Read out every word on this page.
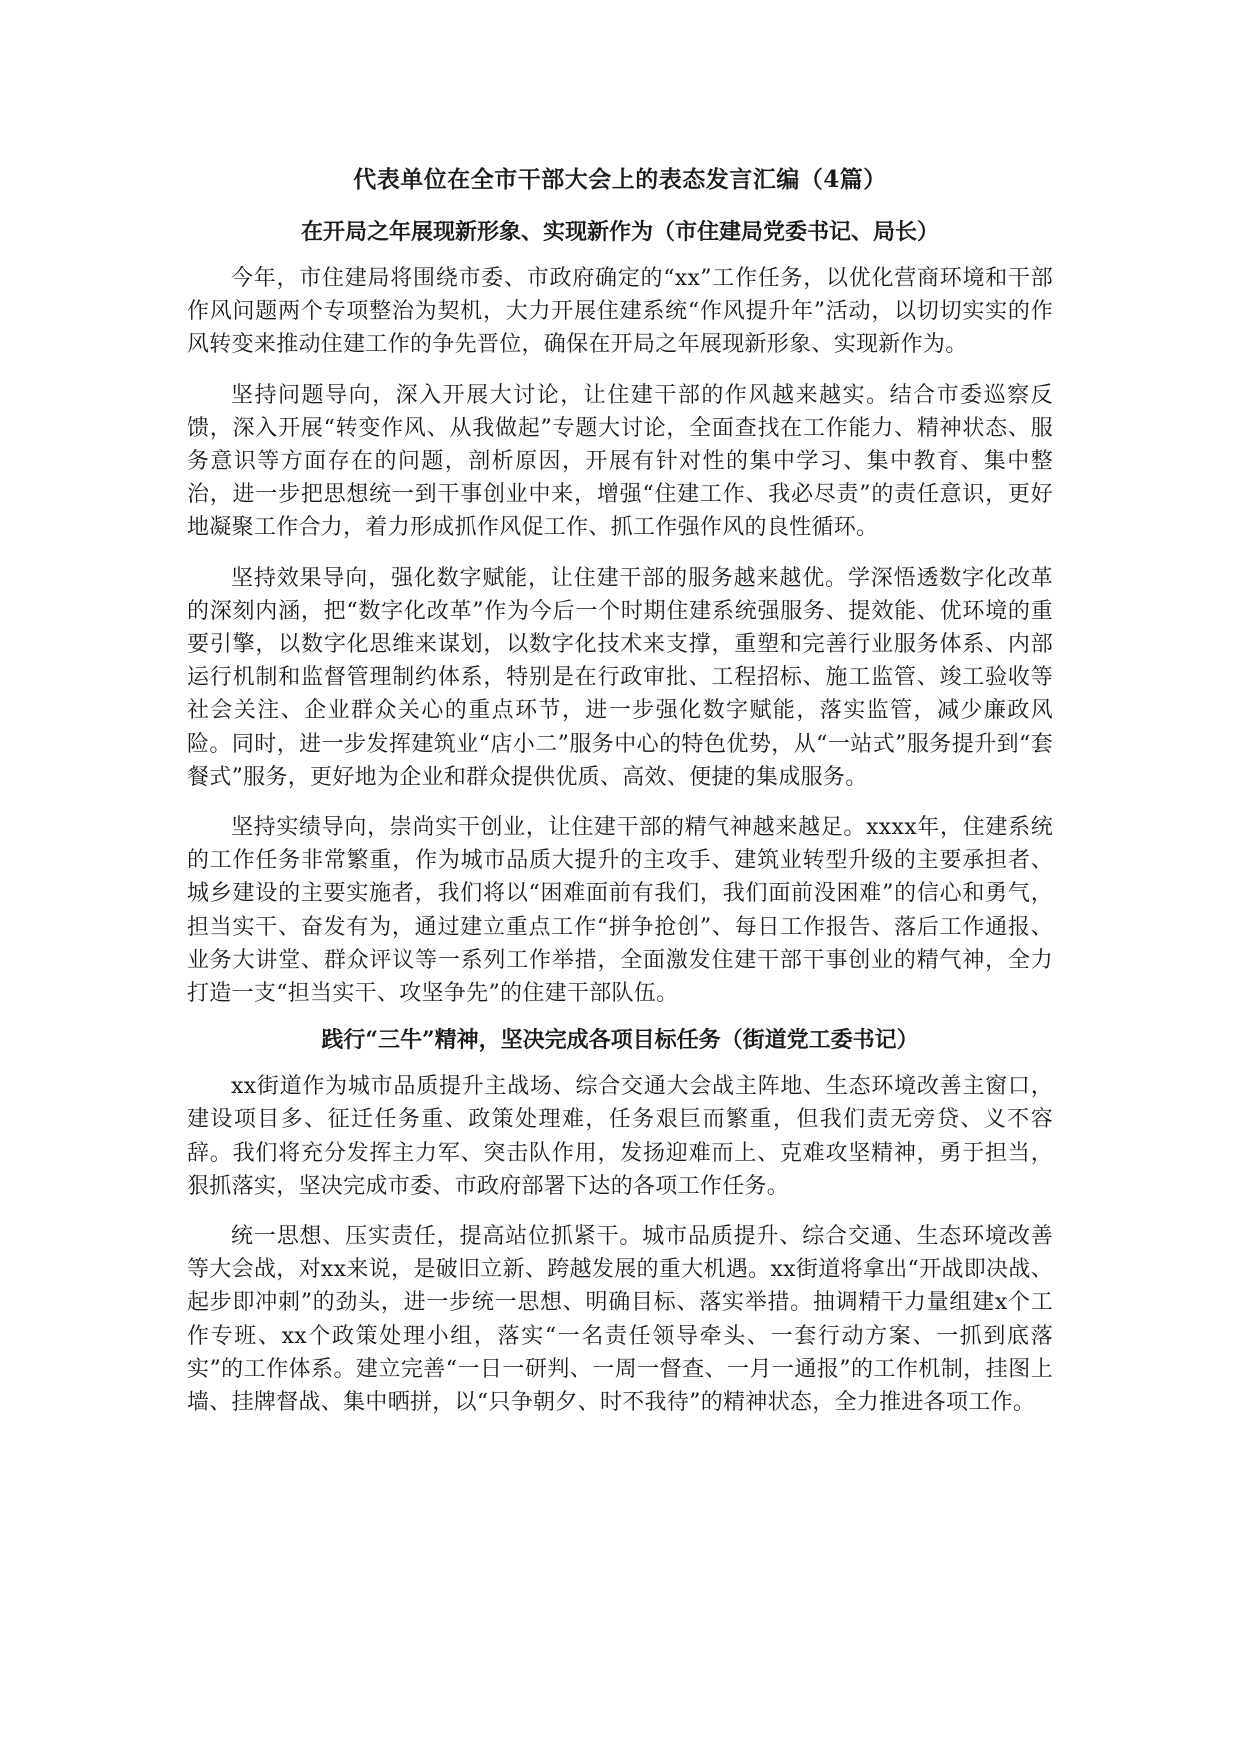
代表单位在全市干部大会上的表态发言汇编（4篇）
在开局之年展现新形象、实现新作为（市住建局党委书记、局长）

今年，市住建局将围绕市委、市政府确定的“xx”工作任务，以优化营商环境和干部作风问题两个专项整治为契机，大力开展住建系统“作风提升年”活动，以切切实实的作风转变来推动住建工作的争先晋位，确保在开局之年展现新形象、实现新作为。

坚持问题导向，深入开展大讨论，让住建干部的作风越来越实。结合市委巡察反馈，深入开展“转变作风、从我做起”专题大讨论，全面查找在工作能力、精神状态、服务意识等方面存在的问题，剖析原因，开展有针对性的集中学习、集中教育、集中整治，进一步把思想统一到干事创业中来，增强“住建工作、我必尽责”的责任意识，更好地凝聚工作合力，着力形成抓作风促工作、抓工作强作风的良性循环。

坚持效果导向，强化数字赋能，让住建干部的服务越来越优。学深悟透数字化改革的深刻内涵，把“数字化改革”作为今后一个时期住建系统强服务、提效能、优环境的重要引擎，以数字化思维来谋划，以数字化技术来支撑，重塑和完善行业服务体系、内部运行机制和监督管理制约体系，特别是在行政审批、工程招标、施工监管、竣工验收等社会关注、企业群众关心的重点环节，进一步强化数字赋能，落实监管，减少廉政风险。同时，进一步发挥建筑业“店小二”服务中心的特色优势，从“一站式”服务提升到“套餐式”服务，更好地为企业和群众提供优质、高效、便捷的集成服务。

坚持实绩导向，崇尚实干创业，让住建干部的精气神越来越足。xxxx年，住建系统的工作任务非常繁重，作为城市品质大提升的主攻手、建筑业转型升级的主要承担者、城乡建设的主要实施者，我们将以“困难面前有我们，我们面前没困难”的信心和勇气，担当实干、奋发有为，通过建立重点工作“拼争抢创”、每日工作报告、落后工作通报、业务大讲堂、群众评议等一系列工作举措，全面激发住建干部干事创业的精气神，全力打造一支“担当实干、攻坚争先”的住建干部队伍。

践行“三牛”精神，坚决完成各项目标任务（街道党工委书记）

xx街道作为城市品质提升主战场、综合交通大会战主阵地、生态环境改善主窗口，建设项目多、征迁任务重、政策处理难，任务艰巨而繁重，但我们责无旁贷、义不容辞。我们将充分发挥主力军、突击队作用，发扬迎难而上、克难攻坚精神，勇于担当，狠抓落实，坚决完成市委、市政府部署下达的各项工作任务。

统一思想、压实责任，提高站位抓紧干。城市品质提升、综合交通、生态环境改善等大会战，对xx来说，是破旧立新、跨越发展的重大机遇。xx街道将拿出“开战即决战、起步即冲刺”的劲头，进一步统一思想、明确目标、落实举措。抽调精干力量组建x个工作专班、xx个政策处理小组，落实“一名责任领导牵头、一套行动方案、一抓到底落实”的工作体系。建立完善“一日一研判、一周一督查、一月一通报”的工作机制，挂图上墙、挂牌督战、集中晒拼，以“只争朝夕、时不我待”的精神状态，全力推进各项工作。
